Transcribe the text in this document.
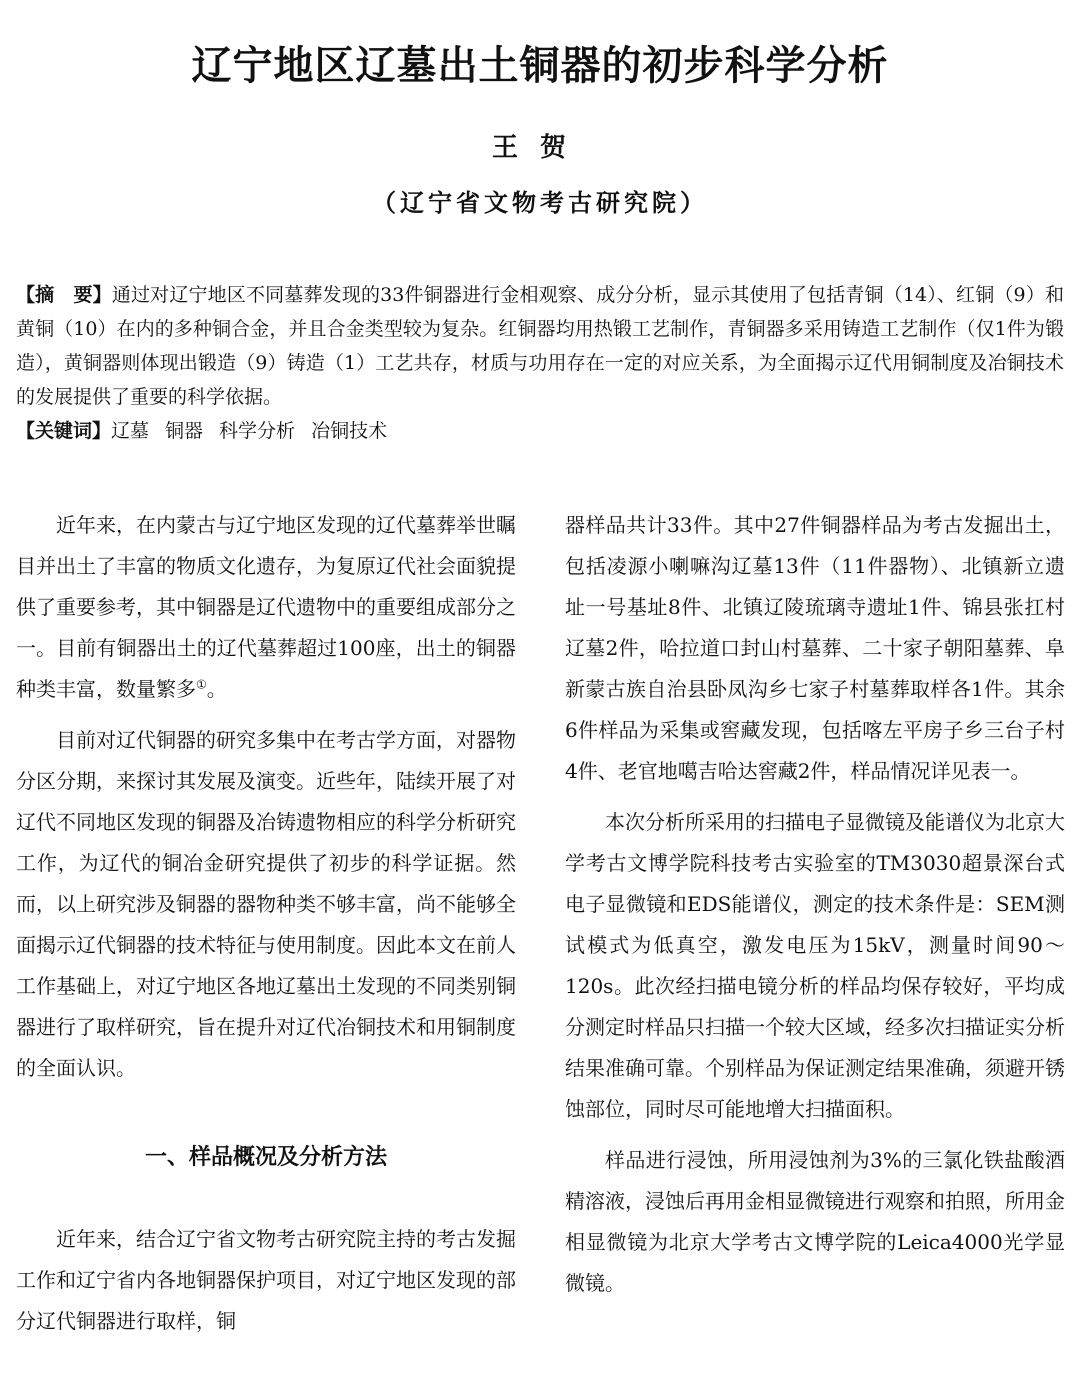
辽宁地区辽墓出土铜器的初步科学分析
王贺
（辽宁省文物考古研究院）

【摘　要】通过对辽宁地区不同墓葬发现的33件铜器进行金相观察、成分分析，显示其使用了包括青铜（14）、红铜（9）和黄铜（10）在内的多种铜合金，并且合金类型较为复杂。红铜器均用热锻工艺制作，青铜器多采用铸造工艺制作（仅1件为锻造），黄铜器则体现出锻造（9）铸造（1）工艺共存，材质与功用存在一定的对应关系，为全面揭示辽代用铜制度及冶铜技术的发展提供了重要的科学依据。

【关键词】辽墓 铜器 科学分析 冶铜技术

近年来，在内蒙古与辽宁地区发现的辽代墓葬举世瞩目并出土了丰富的物质文化遗存，为复原辽代社会面貌提供了重要参考，其中铜器是辽代遗物中的重要组成部分之一。目前有铜器出土的辽代墓葬超过100座，出土的铜器种类丰富，数量繁多①。

目前对辽代铜器的研究多集中在考古学方面，对器物分区分期，来探讨其发展及演变。近些年，陆续开展了对辽代不同地区发现的铜器及冶铸遗物相应的科学分析研究工作，为辽代的铜冶金研究提供了初步的科学证据。然而，以上研究涉及铜器的器物种类不够丰富，尚不能够全面揭示辽代铜器的技术特征与使用制度。因此本文在前人工作基础上，对辽宁地区各地辽墓出土发现的不同类别铜器进行了取样研究，旨在提升对辽代冶铜技术和用铜制度的全面认识。

一、样品概况及分析方法

近年来，结合辽宁省文物考古研究院主持的考古发掘工作和辽宁省内各地铜器保护项目，对辽宁地区发现的部分辽代铜器进行取样，铜

器样品共计33件。其中27件铜器样品为考古发掘出土，包括凌源小喇嘛沟辽墓13件（11件器物）、北镇新立遗址一号基址8件、北镇辽陵琉璃寺遗址1件、锦县张扛村辽墓2件，哈拉道口封山村墓葬、二十家子朝阳墓葬、阜新蒙古族自治县卧凤沟乡七家子村墓葬取样各1件。其余6件样品为采集或窖藏发现，包括喀左平房子乡三台子村4件、老官地噶吉哈达窖藏2件，样品情况详见表一。

本次分析所采用的扫描电子显微镜及能谱仪为北京大学考古文博学院科技考古实验室的TM3030超景深台式电子显微镜和EDS能谱仪，测定的技术条件是：SEM测试模式为低真空，激发电压为15kV，测量时间90～120s。此次经扫描电镜分析的样品均保存较好，平均成分测定时样品只扫描一个较大区域，经多次扫描证实分析结果准确可靠。个别样品为保证测定结果准确，须避开锈蚀部位，同时尽可能地增大扫描面积。

样品进行浸蚀，所用浸蚀剂为3%的三氯化铁盐酸酒精溶液，浸蚀后再用金相显微镜进行观察和拍照，所用金相显微镜为北京大学考古文博学院的Leica4000光学显微镜。
